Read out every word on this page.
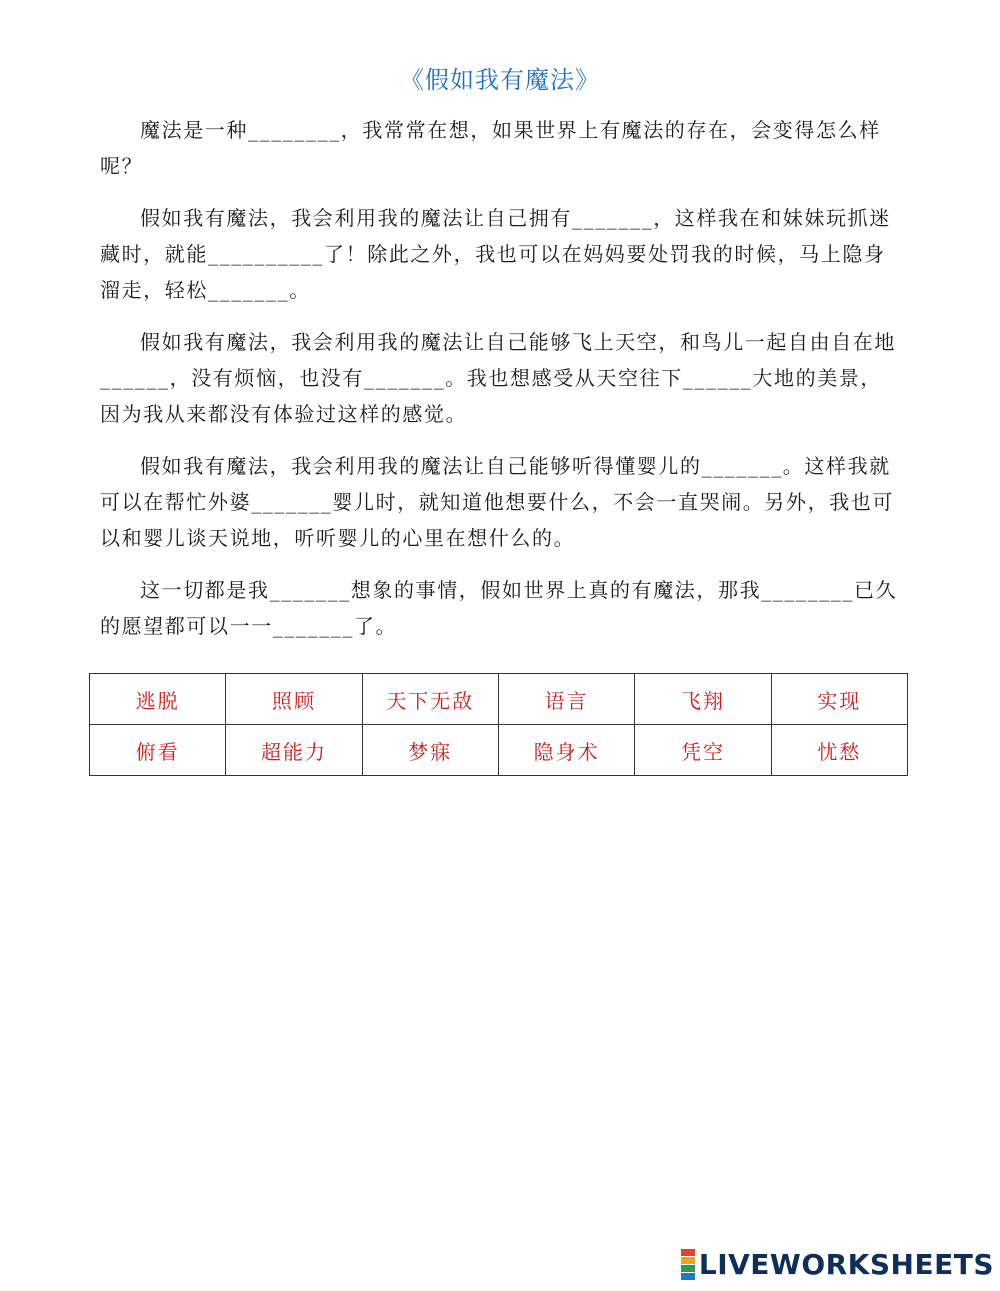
《假如我有魔法》

魔法是一种________，我常常在想，如果世界上有魔法的存在，会变得怎么样呢？

假如我有魔法，我会利用我的魔法让自己拥有_______，这样我在和妹妹玩抓迷藏时，就能__________了！除此之外，我也可以在妈妈要处罚我的时候，马上隐身溜走，轻松_______。

假如我有魔法，我会利用我的魔法让自己能够飞上天空，和鸟儿一起自由自在地______，没有烦恼，也没有_______。我也想感受从天空往下______大地的美景，因为我从来都没有体验过这样的感觉。

假如我有魔法，我会利用我的魔法让自己能够听得懂婴儿的_______。这样我就可以在帮忙外婆_______婴儿时，就知道他想要什么，不会一直哭闹。另外，我也可以和婴儿谈天说地，听听婴儿的心里在想什么的。

这一切都是我_______想象的事情，假如世界上真的有魔法，那我________已久的愿望都可以一一_______了。

逃脱	照顾	天下无敌	语言	飞翔	实现
俯看	超能力	梦寐	隐身术	凭空	忧愁
LIVEWORKSHEETS
